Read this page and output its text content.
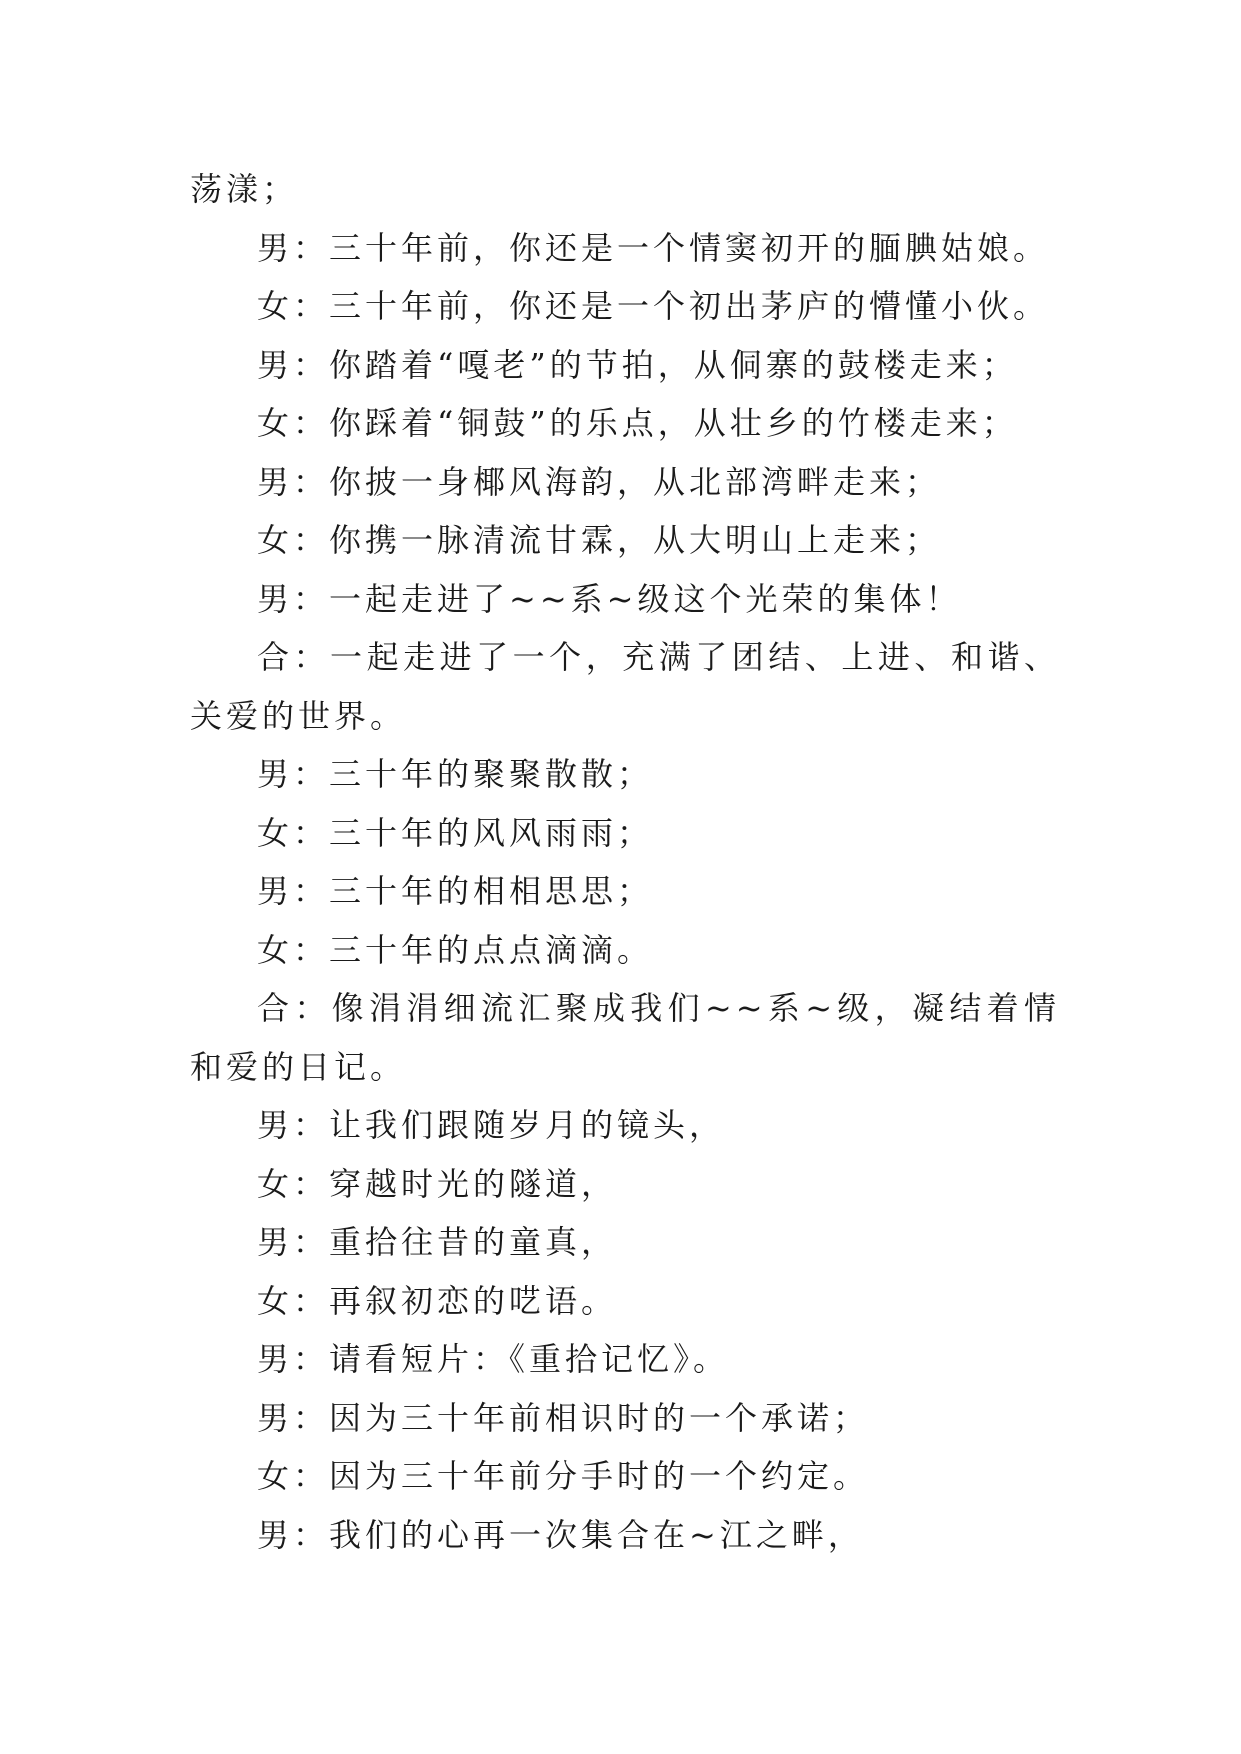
荡漾；
男：三十年前，你还是一个情窦初开的腼腆姑娘。
女：三十年前，你还是一个初出茅庐的懵懂小伙。
男：你踏着“嘎老”的节拍，从侗寨的鼓楼走来；
女：你踩着“铜鼓”的乐点，从壮乡的竹楼走来；
男：你披一身椰风海韵，从北部湾畔走来；
女：你携一脉清流甘霖，从大明山上走来；
男：一起走进了~~系~级这个光荣的集体！
合：一起走进了一个，充满了团结、上进、和谐、关爱的世界。
男：三十年的聚聚散散；
女：三十年的风风雨雨；
男：三十年的相相思思；
女：三十年的点点滴滴。
合：像涓涓细流汇聚成我们~~系~级，凝结着情和爱的日记。
男：让我们跟随岁月的镜头，
女：穿越时光的隧道，
男：重拾往昔的童真，
女：再叙初恋的呓语。
男：请看短片：《重拾记忆》。
男：因为三十年前相识时的一个承诺；
女：因为三十年前分手时的一个约定。
男：我们的心再一次集合在~江之畔，
